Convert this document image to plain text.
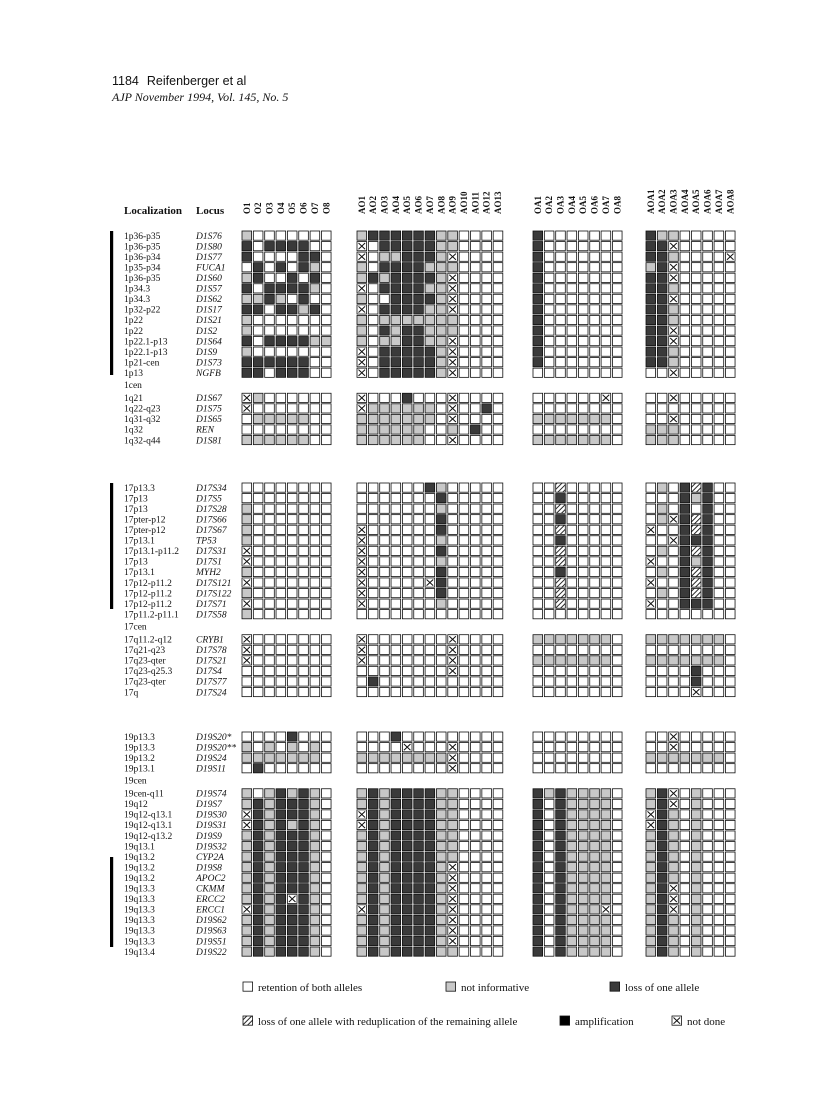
1184 Reifenberger et al
AJP November 1994, Vol. 145, No. 5
Localization Locus O1 O2 O3 O4 O5 O6 O7 O8	AO1 AO2 AO3 AO4 AO5 AO6 AO7 AO8 AO9 AO10 AO11 AO12 AO13	OA1 OA2 OA3 OA4 OA5 OA6 OA7 OA8	AOA1 AOA2 AOA3 AOA4 AOA5 AOA6 AOA7 AOA8
1p36-p35	D1S76
1p36-p35	D1S80
1p36-p34	D1S77
1p35-p34	FUCA1
1p36-p35	D1S60
1p34.3	D1S57
1p34.3	D1S62
1p32-p22	D1S17
1p22	D1S21
1p22	D1S2
1p22.1-p13	D1S64
1p22.1-p13	D1S9
1p21-cen	D1S73
1p13	NGFB
1cen
1q21	D1S67
1q22-q23	D1S75
1q31-q32	D1S65
1q32	REN
1q32-q44	D1S81
17p13.3	D17S34
17p13	D17S5
17p13	D17S28
17pter-p12	D17S66
17pter-p12	D17S67
17p13.1	TP53
17p13.1-p11.2 D17S31
17p13	D17S1
17p13.1	MYH2
17p12-p11.2	D17S121
17p12-p11.2	D17S122
17p12-p11.2	D17S71
17p11.2-p11.1 D17S58
17cen
17q11.2-q12	CRYB1
17q21-q23	D17S78
17q23-qter	D17S21
17q23-q25.3 D17S4
17q23-qter	D17S77
17q	D17S24
19p13.3	D19S20*
19p13.3	D19S20**
19p13.2	D19S24
19p13.1	D19S11
19cen
19cen-q11	D19S74
19q12	D19S7
19q12-q13.1 D19S30
19q12-q13.1 D19S31
19q12-q13.2 D19S9
19q13.1	D19S32
19q13.2	CYP2A
19q13.2	D19S8
19q13.2	APOC2
19q13.3	CKMM
19q13.3	ERCC2
19q13.3	ERCC1
19q13.3	D19S62
19q13.3	D19S63
19q13.3	D19S51
19q13.4	D19S22
retention of both alleles	not informative	loss of one allele
loss of one allele with reduplication of the remaining allele	amplification	not done
